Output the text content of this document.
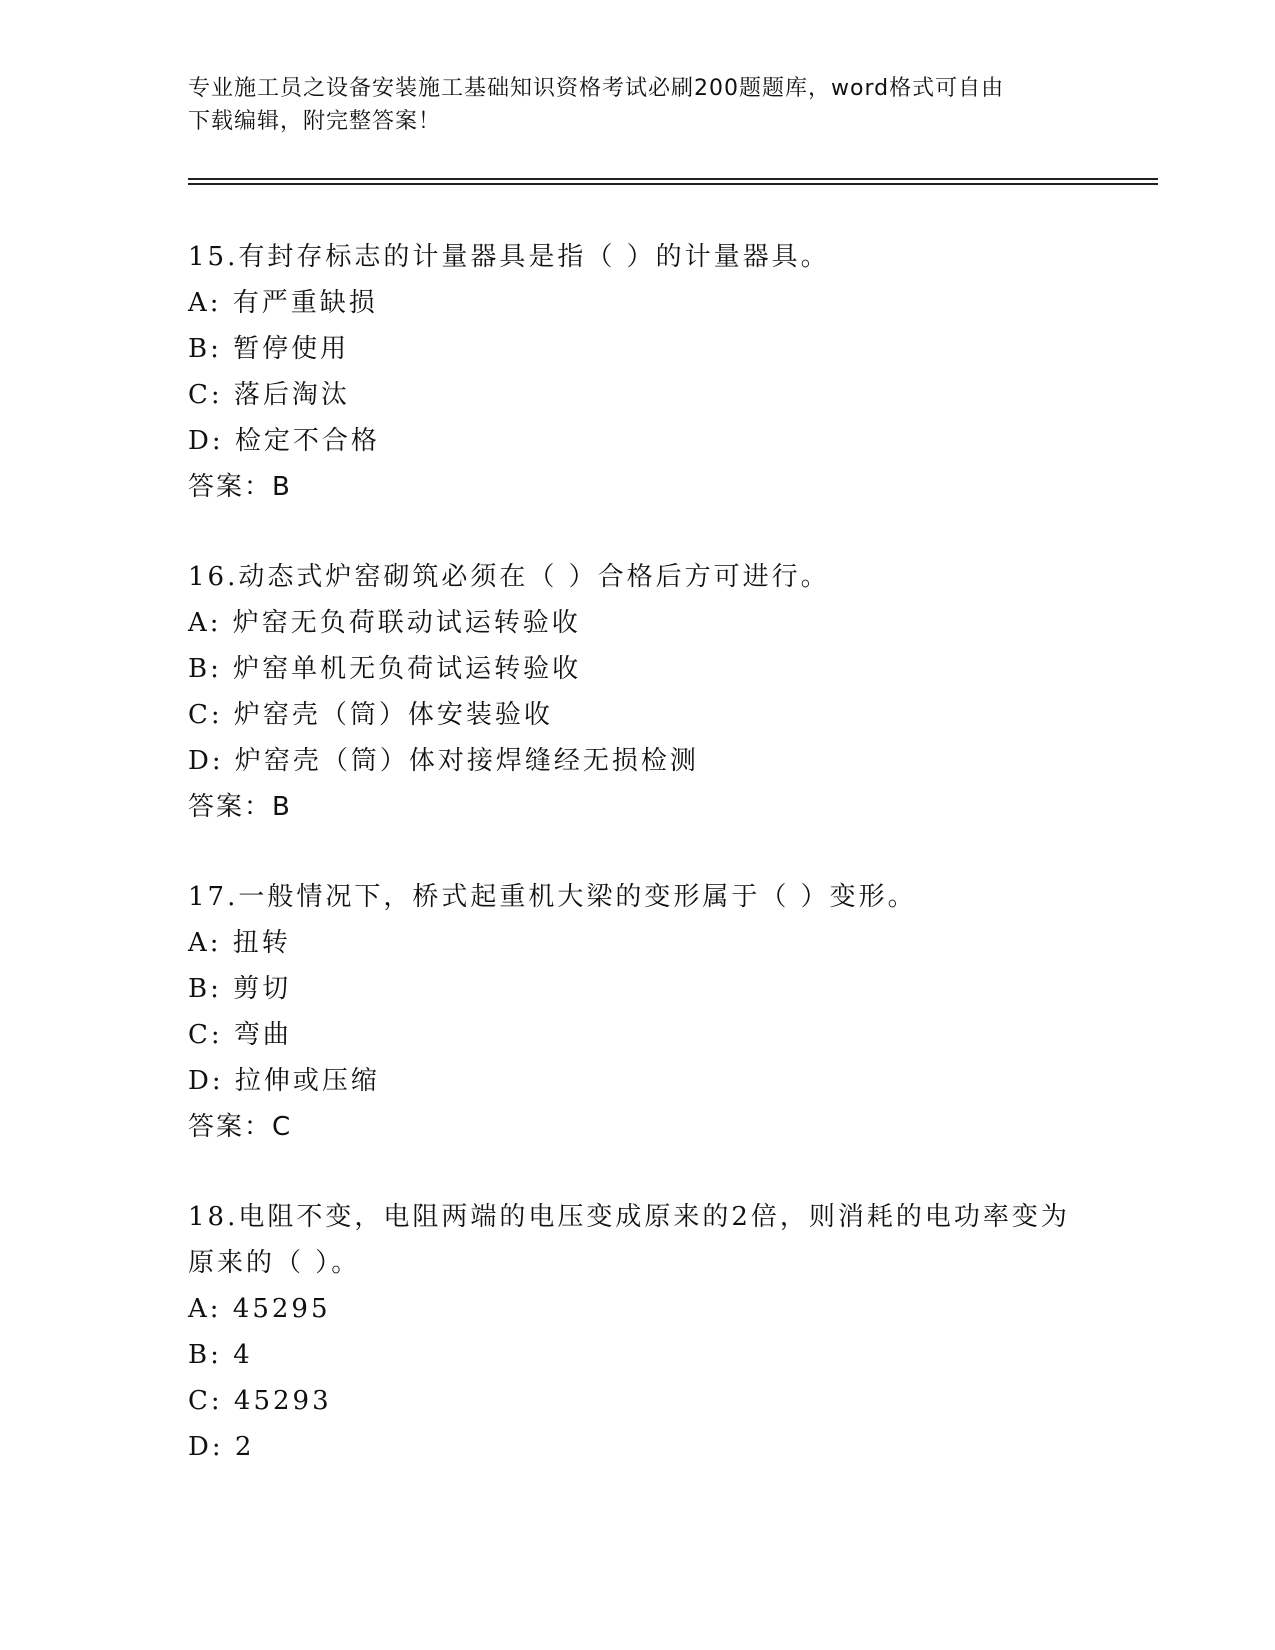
专业施工员之设备安装施工基础知识资格考试必刷200题题库，word格式可自由
下载编辑，附完整答案！
15.有封存标志的计量器具是指（ ）的计量器具。
A: 有严重缺损
B: 暂停使用
C: 落后淘汰
D: 检定不合格
答案：B
16.动态式炉窑砌筑必须在（ ）合格后方可进行。
A: 炉窑无负荷联动试运转验收
B: 炉窑单机无负荷试运转验收
C: 炉窑壳（筒）体安装验收
D: 炉窑壳（筒）体对接焊缝经无损检测
答案：B
17.一般情况下，桥式起重机大梁的变形属于（ ）变形。
A: 扭转
B: 剪切
C: 弯曲
D: 拉伸或压缩
答案：C
18.电阻不变，电阻两端的电压变成原来的2倍，则消耗的电功率变为原来的（ ）。
A: 45295
B: 4
C: 45293
D: 2
